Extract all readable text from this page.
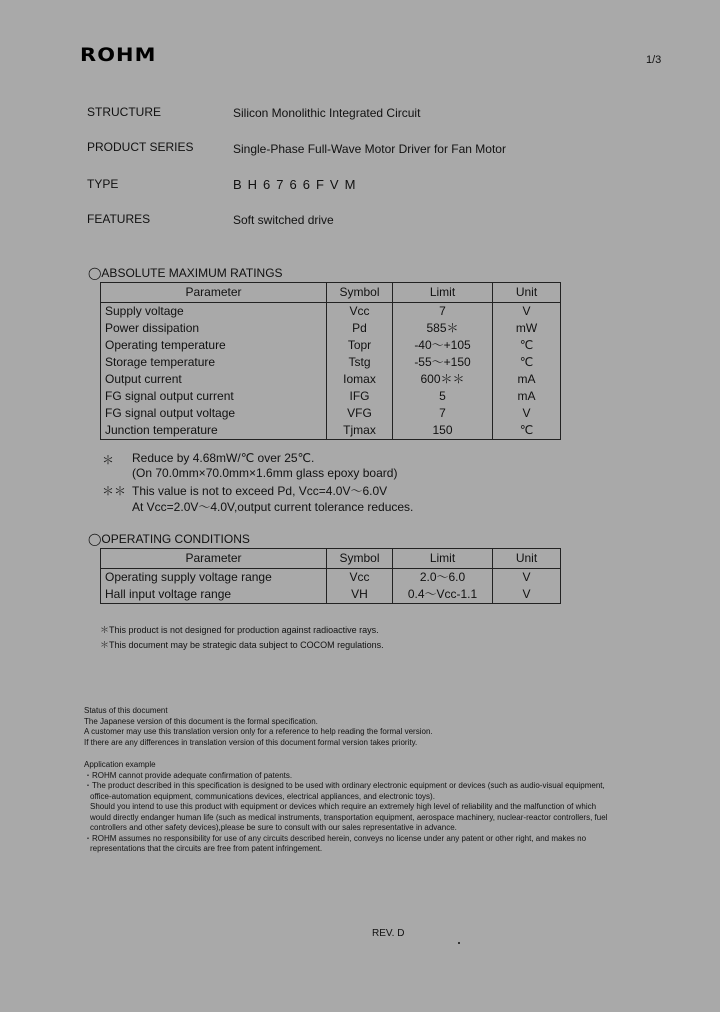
ROHM	1/3
STRUCTURE	Silicon Monolithic Integrated Circuit
PRODUCT SERIES	Single-Phase Full-Wave Motor Driver for Fan Motor
TYPE	BH6766FVM
FEATURES	Soft switched drive
◯ABSOLUTE MAXIMUM RATINGS
Parameter	Symbol	Limit	Unit
Supply voltage	Vcc	7	V
Power dissipation	Pd	585＊	mW
Operating temperature	Topr	-40～+105	℃
Storage temperature	Tstg	-55～+150	℃
Output current	Iomax	600＊＊	mA
FG signal output current	IFG	5	mA
FG signal output voltage	VFG	7	V
Junction temperature	Tjmax	150	℃
＊ Reduce by 4.68mW/℃ over 25℃.
(On 70.0mm×70.0mm×1.6mm glass epoxy board)
＊＊ This value is not to exceed Pd, Vcc=4.0V～6.0V
At Vcc=2.0V～4.0V,output current tolerance reduces.
◯OPERATING CONDITIONS
Parameter	Symbol	Limit	Unit
Operating supply voltage range	Vcc	2.0～6.0	V
Hall input voltage range	VH	0.4～Vcc-1.1	V
＊This product is not designed for production against radioactive rays.
＊This document may be strategic data subject to COCOM regulations.
Status of this document
The Japanese version of this document is the formal specification.
A customer may use this translation version only for a reference to help reading the formal version.
If there are any differences in translation version of this document formal version takes priority.
Application example
・ROHM cannot provide adequate confirmation of patents.
・The product described in this specification is designed to be used with ordinary electronic equipment or devices (such as audio-visual equipment,
office-automation equipment, communications devices, electrical appliances, and electronic toys).
Should you intend to use this product with equipment or devices which require an extremely high level of reliability and the malfunction of which
would directly endanger human life (such as medical instruments, transportation equipment, aerospace machinery, nuclear-reactor controllers, fuel
controllers and other safety devices),please be sure to consult with our sales representative in advance.
・ROHM assumes no responsibility for use of any circuits described herein, conveys no license under any patent or other right, and makes no
representations that the circuits are free from patent infringement.
REV. D
